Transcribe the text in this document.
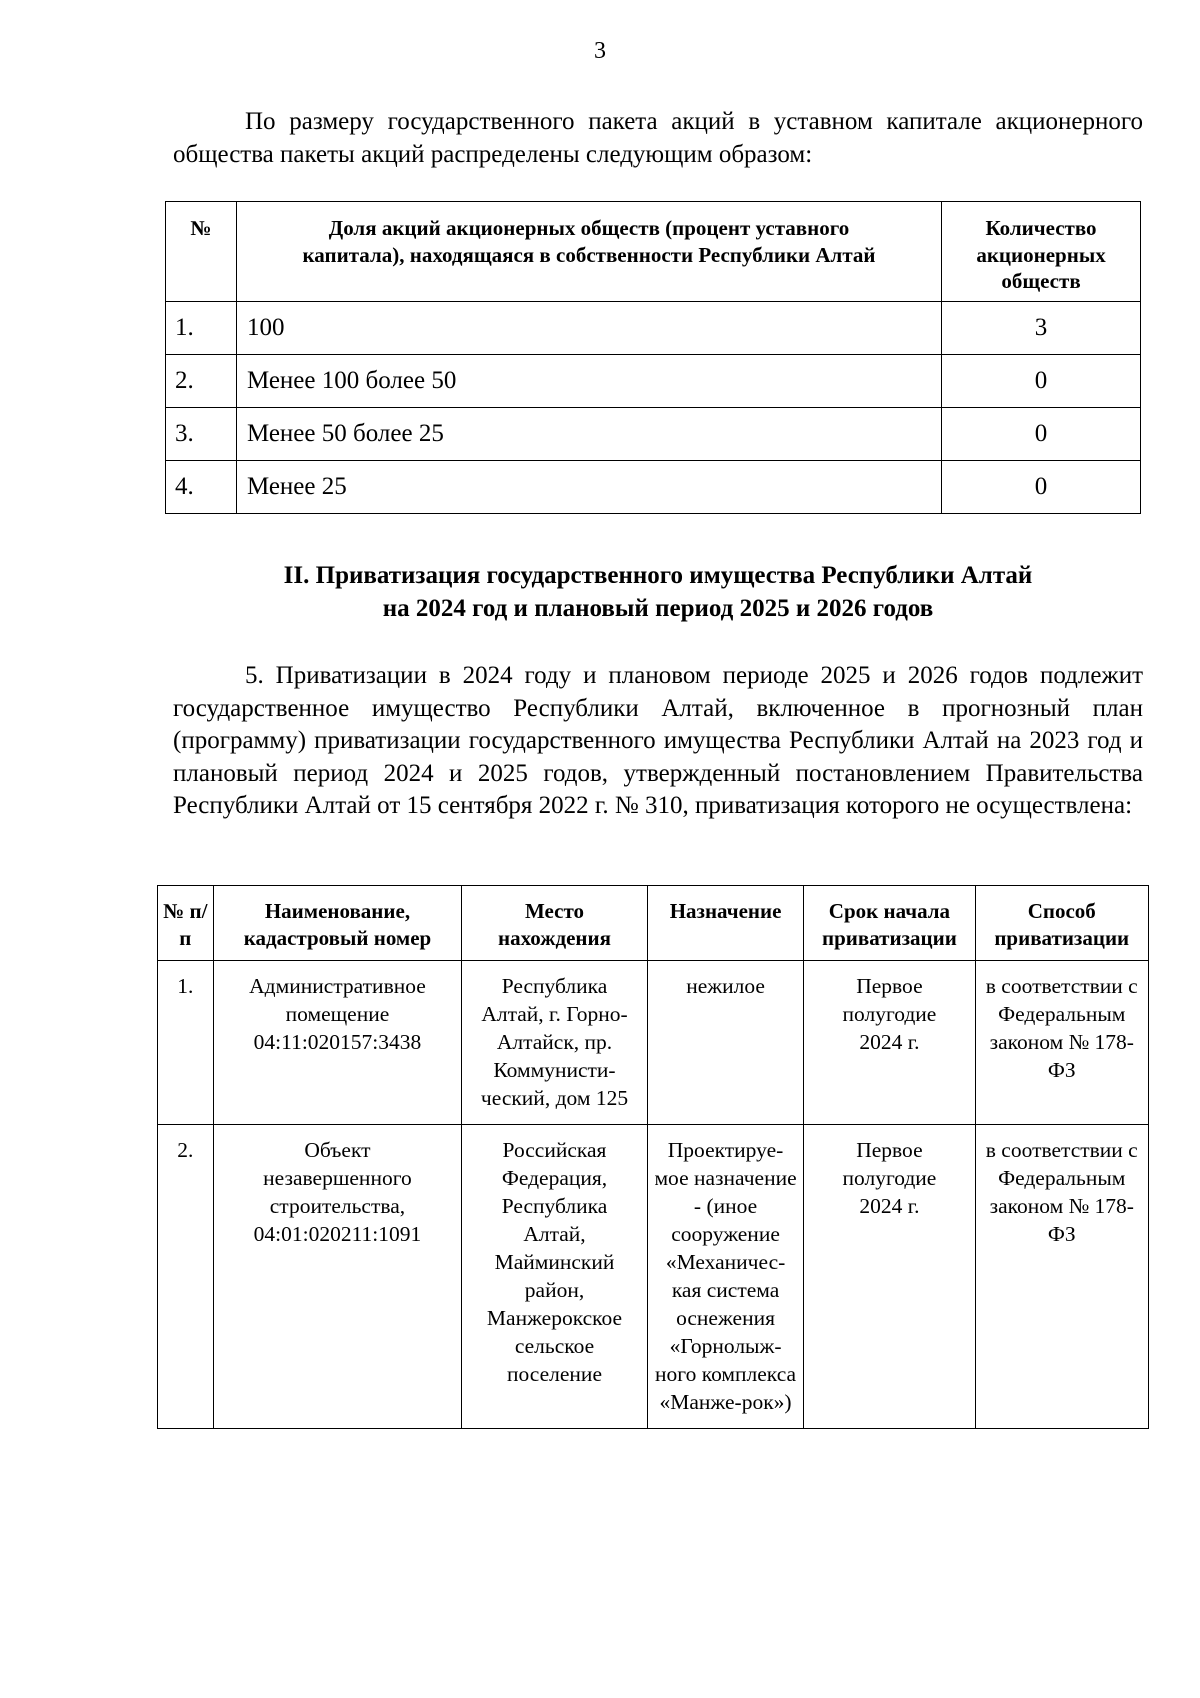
3

По размеру государственного пакета акций в уставном капитале акционерного общества пакеты акций распределены следующим образом:

№	Доля акций акционерных обществ (процент уставного капитала), находящаяся в собственности Республики Алтай	Количество акционерных обществ
1.	100	3
2.	Менее 100 более 50	0
3.	Менее 50 более 25	0
4.	Менее 25	0
II. Приватизация государственного имущества Республики Алтай
на 2024 год и плановый период 2025 и 2026 годов

5. Приватизации в 2024 году и плановом периоде 2025 и 2026 годов подлежит государственное имущество Республики Алтай, включенное в прогнозный план (программу) приватизации государственного имущества Республики Алтай на 2023 год и плановый период 2024 и 2025 годов, утвержденный постановлением Правительства Республики Алтай от 15 сентября 2022 г. № 310, приватизация которого не осуществлена:

№ п/п	Наименование, кадастровый номер	Место нахождения	Назначение	Срок начала приватизации	Способ приватизации
1.	Административное помещение 04:11:020157:3438	Республика Алтай, г. Горно-Алтайск, пр. Коммунисти-ческий, дом 125	нежилое	Первое полугодие 2024 г.	в соответствии с Федеральным законом № 178-ФЗ
2.	Объект незавершенного строительства, 04:01:020211:1091	Российская Федерация, Республика Алтай, Майминский район, Манжерокское сельское поселение	Проектируе-мое назначение - (иное сооружение «Механичес-кая система оснежения «Горнолыж-ного комплекса «Манже-рок»)	Первое полугодие 2024 г.	в соответствии с Федеральным законом № 178-ФЗ
